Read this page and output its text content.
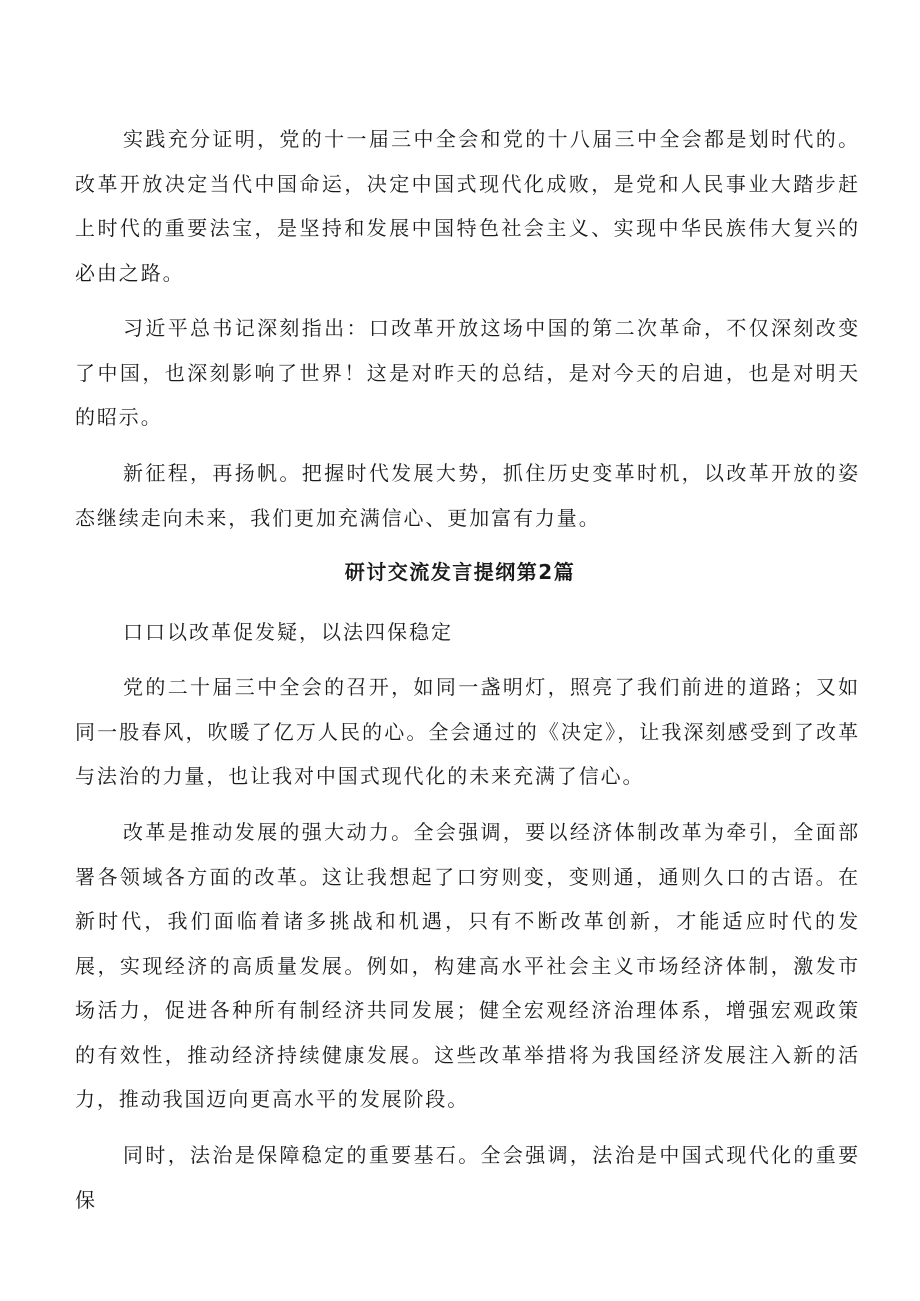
实践充分证明，党的十一届三中全会和党的十八届三中全会都是划时代的。改革开放决定当代中国命运，决定中国式现代化成败，是党和人民事业大踏步赶上时代的重要法宝，是坚持和发展中国特色社会主义、实现中华民族伟大复兴的必由之路。

习近平总书记深刻指出：口改革开放这场中国的第二次革命，不仅深刻改变了中国，也深刻影响了世界！这是对昨天的总结，是对今天的启迪，也是对明天的昭示。

新征程，再扬帆。把握时代发展大势，抓住历史变革时机，以改革开放的姿态继续走向未来，我们更加充满信心、更加富有力量。

研讨交流发言提纲第2篇

口口以改革促发疑，以法四保稳定

党的二十届三中全会的召开，如同一盏明灯，照亮了我们前进的道路；又如同一股春风，吹暖了亿万人民的心。全会通过的《决定》，让我深刻感受到了改革与法治的力量，也让我对中国式现代化的未来充满了信心。

改革是推动发展的强大动力。全会强调，要以经济体制改革为牵引，全面部署各领域各方面的改革。这让我想起了口穷则变，变则通，通则久口的古语。在新时代，我们面临着诸多挑战和机遇，只有不断改革创新，才能适应时代的发展，实现经济的高质量发展。例如，构建高水平社会主义市场经济体制，激发市场活力，促进各种所有制经济共同发展；健全宏观经济治理体系，增强宏观政策的有效性，推动经济持续健康发展。这些改革举措将为我国经济发展注入新的活力，推动我国迈向更高水平的发展阶段。

同时，法治是保障稳定的重要基石。全会强调，法治是中国式现代化的重要保
